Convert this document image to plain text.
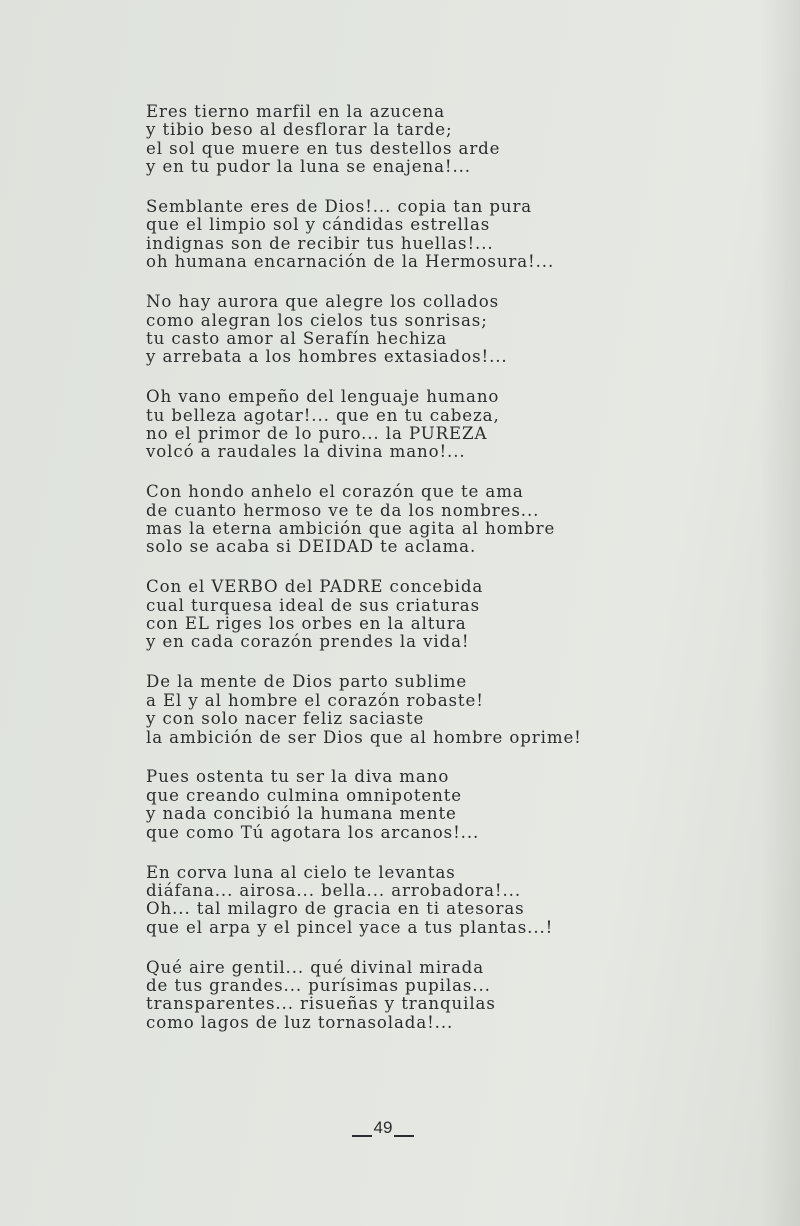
Eres tierno marfil en la azucena
y tibio beso al desflorar la tarde;
el sol que muere en tus destellos arde
y en tu pudor la luna se enajena!...
Semblante eres de Dios!... copia tan pura
que el limpio sol y cándidas estrellas
indignas son de recibir tus huellas!...
oh humana encarnación de la Hermosura!...
No hay aurora que alegre los collados
como alegran los cielos tus sonrisas;
tu casto amor al Serafín hechiza
y arrebata a los hombres extasiados!...
Oh vano empeño del lenguaje humano
tu belleza agotar!... que en tu cabeza,
no el primor de lo puro... la PUREZA
volcó a raudales la divina mano!...
Con hondo anhelo el corazón que te ama
de cuanto hermoso ve te da los nombres...
mas la eterna ambición que agita al hombre
solo se acaba si DEIDAD te aclama.
Con el VERBO del PADRE concebida
cual turquesa ideal de sus criaturas
con EL riges los orbes en la altura
y en cada corazón prendes la vida!
De la mente de Dios parto sublime
a El y al hombre el corazón robaste!
y con solo nacer feliz saciaste
la ambición de ser Dios que al hombre oprime!
Pues ostenta tu ser la diva mano
que creando culmina omnipotente
y nada concibió la humana mente
que como Tú agotara los arcanos!...
En corva luna al cielo te levantas
diáfana... airosa... bella... arrobadora!...
Oh... tal milagro de gracia en ti atesoras
que el arpa y el pincel yace a tus plantas...!
Qué aire gentil... qué divinal mirada
de tus grandes... purísimas pupilas...
transparentes... risueñas y tranquilas
como lagos de luz tornasolada!...
49
